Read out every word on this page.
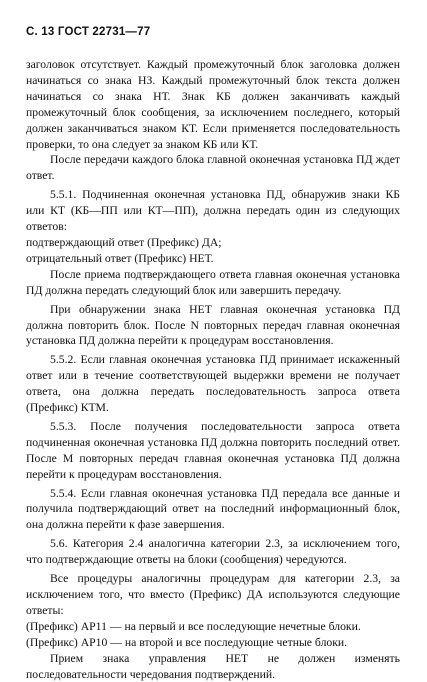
С. 13 ГОСТ 22731—77

заголовок отсутствует. Каждый промежуточный блок заголовка должен начинаться со знака НЗ. Каждый промежуточный блок текста должен начинаться со знака НТ. Знак КБ должен заканчивать каждый промежуточный блок сообщения, за исключением последнего, который должен заканчиваться знаком КТ. Если применяется последовательность проверки, то она следует за знаком КБ или КТ.

После передачи каждого блока главной оконечная установка ПД ждет ответ.

5.5.1. Подчиненная оконечная установка ПД, обнаружив знаки КБ или КТ (КБ—ПП или КТ—ПП), должна передать один из следующих ответов:

подтверждающий ответ (Префикс) ДА;

отрицательный ответ (Префикс) НЕТ.

После приема подтверждающего ответа главная оконечная установка ПД должна передать следующий блок или завершить передачу.

При обнаружении знака НЕТ главная оконечная установка ПД должна повторить блок. После N повторных передач главная оконечная установка ПД должна перейти к процедурам восстановления.

5.5.2. Если главная оконечная установка ПД принимает искаженный ответ или в течение соответствующей выдержки времени не получает ответа, она должна передать последовательность запроса ответа (Префикс) КТМ.

5.5.3. После получения последовательности запроса ответа подчиненная оконечная установка ПД должна повторить последний ответ. После М повторных передач главная оконечная установка ПД должна перейти к процедурам восстановления.

5.5.4. Если главная оконечная установка ПД передала все данные и получила подтверждающий ответ на последний информационный блок, она должна перейти к фазе завершения.

5.6. Категория 2.4 аналогична категории 2.3, за исключением того, что подтверждающие ответы на блоки (сообщения) чередуются.

Все процедуры аналогичны процедурам для категории 2.3, за исключением того, что вместо (Префикс) ДА используются следующие ответы:

(Префикс) АР11 — на первый и все последующие нечетные блоки.

(Префикс) АР10 — на второй и все последующие четные блоки.

Прием знака управления НЕТ не должен изменять последовательности чередования подтверждений.
